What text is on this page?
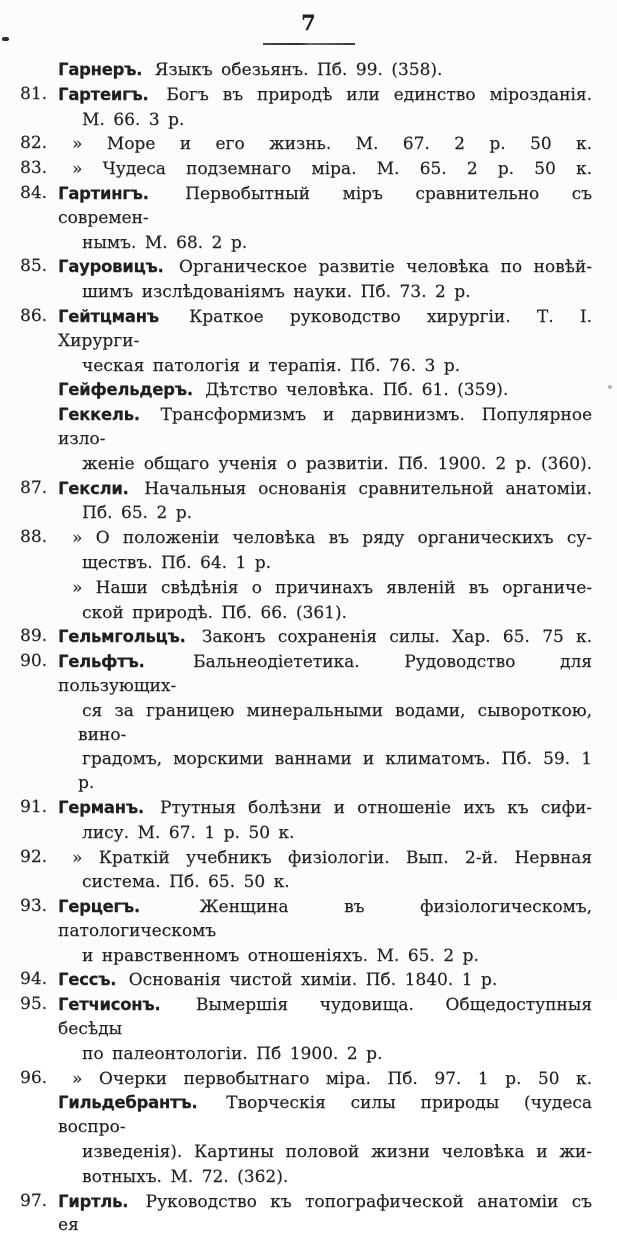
7
Гарнеръ. Языкъ обезьянъ. Пб. 99. (358).
81. Гартеигъ. Богъ въ природѣ или единство мірозданія.
М. 66. 3 р.
82.	» Море и его жизнь. М. 67. 2 р. 50 к.
83.	» Чудеса подземнаго міра. М. 65. 2 р. 50 к.
84. Гартингъ. Первобытный міръ сравнительно съ современ-
нымъ. М. 68. 2 р.
85. Гауровицъ. Органическое развитіе человѣка по новѣй-
шимъ изслѣдованіямъ науки. Пб. 73. 2 р.
86. Гейтцманъ Краткое руководство хирургіи. Т. I. Хирурги-
ческая патологія и терапія. Пб. 76. 3 р.
Гейфельдеръ. Дѣтство человѣка. Пб. 61. (359).
Геккель. Трансформизмъ и дарвинизмъ. Популярное изло-
женіе общаго ученія о развитіи. Пб. 1900. 2 р. (360).
87. Гексли. Начальныя основанія сравнительной анатоміи.
Пб. 65. 2 р.
88.	» О положеніи человѣка въ ряду органическихъ су-
ществъ. Пб. 64. 1 р.
» Наши свѣдѣнія о причинахъ явленій въ органиче-
ской природѣ. Пб. 66. (361).
89. Гельмгольцъ. Законъ сохраненія силы. Хар. 65. 75 к.
90. Гельфтъ.	Бальнеодіететика. Рудоводство для пользующих-
ся за границею минеральными водами, сывороткою, вино-
градомъ, морскими ваннами и климатомъ. Пб. 59. 1 р.
91. Германъ. Ртутныя болѣзни и отношеніе ихъ къ сифи-
лису. М. 67. 1 р. 50 к.
92.	» Краткій учебникъ физіологіи. Вып. 2-й. Нервная
система. Пб. 65. 50 к.
93. Герцегъ.	Женщина въ физіологическомъ, патологическомъ
и нравственномъ отношеніяхъ. М. 65. 2 р.
94. Гессъ. Основанія чистой химіи. Пб. 1840. 1 р.
95. Гетчисонъ. Вымершія чудовища. Общедоступныя бесѣды
по палеонтологіи. Пб 1900. 2 р.
96.	» Очерки первобытнаго міра. Пб. 97. 1 р. 50 к.
Гильдебрантъ. Творческія силы природы (чудеса воспро-
изведенія). Картины половой жизни человѣка и жи-
вотныхъ. М. 72. (362).
97. Гиртль. Руководство къ топографической анатоміи съ ея
